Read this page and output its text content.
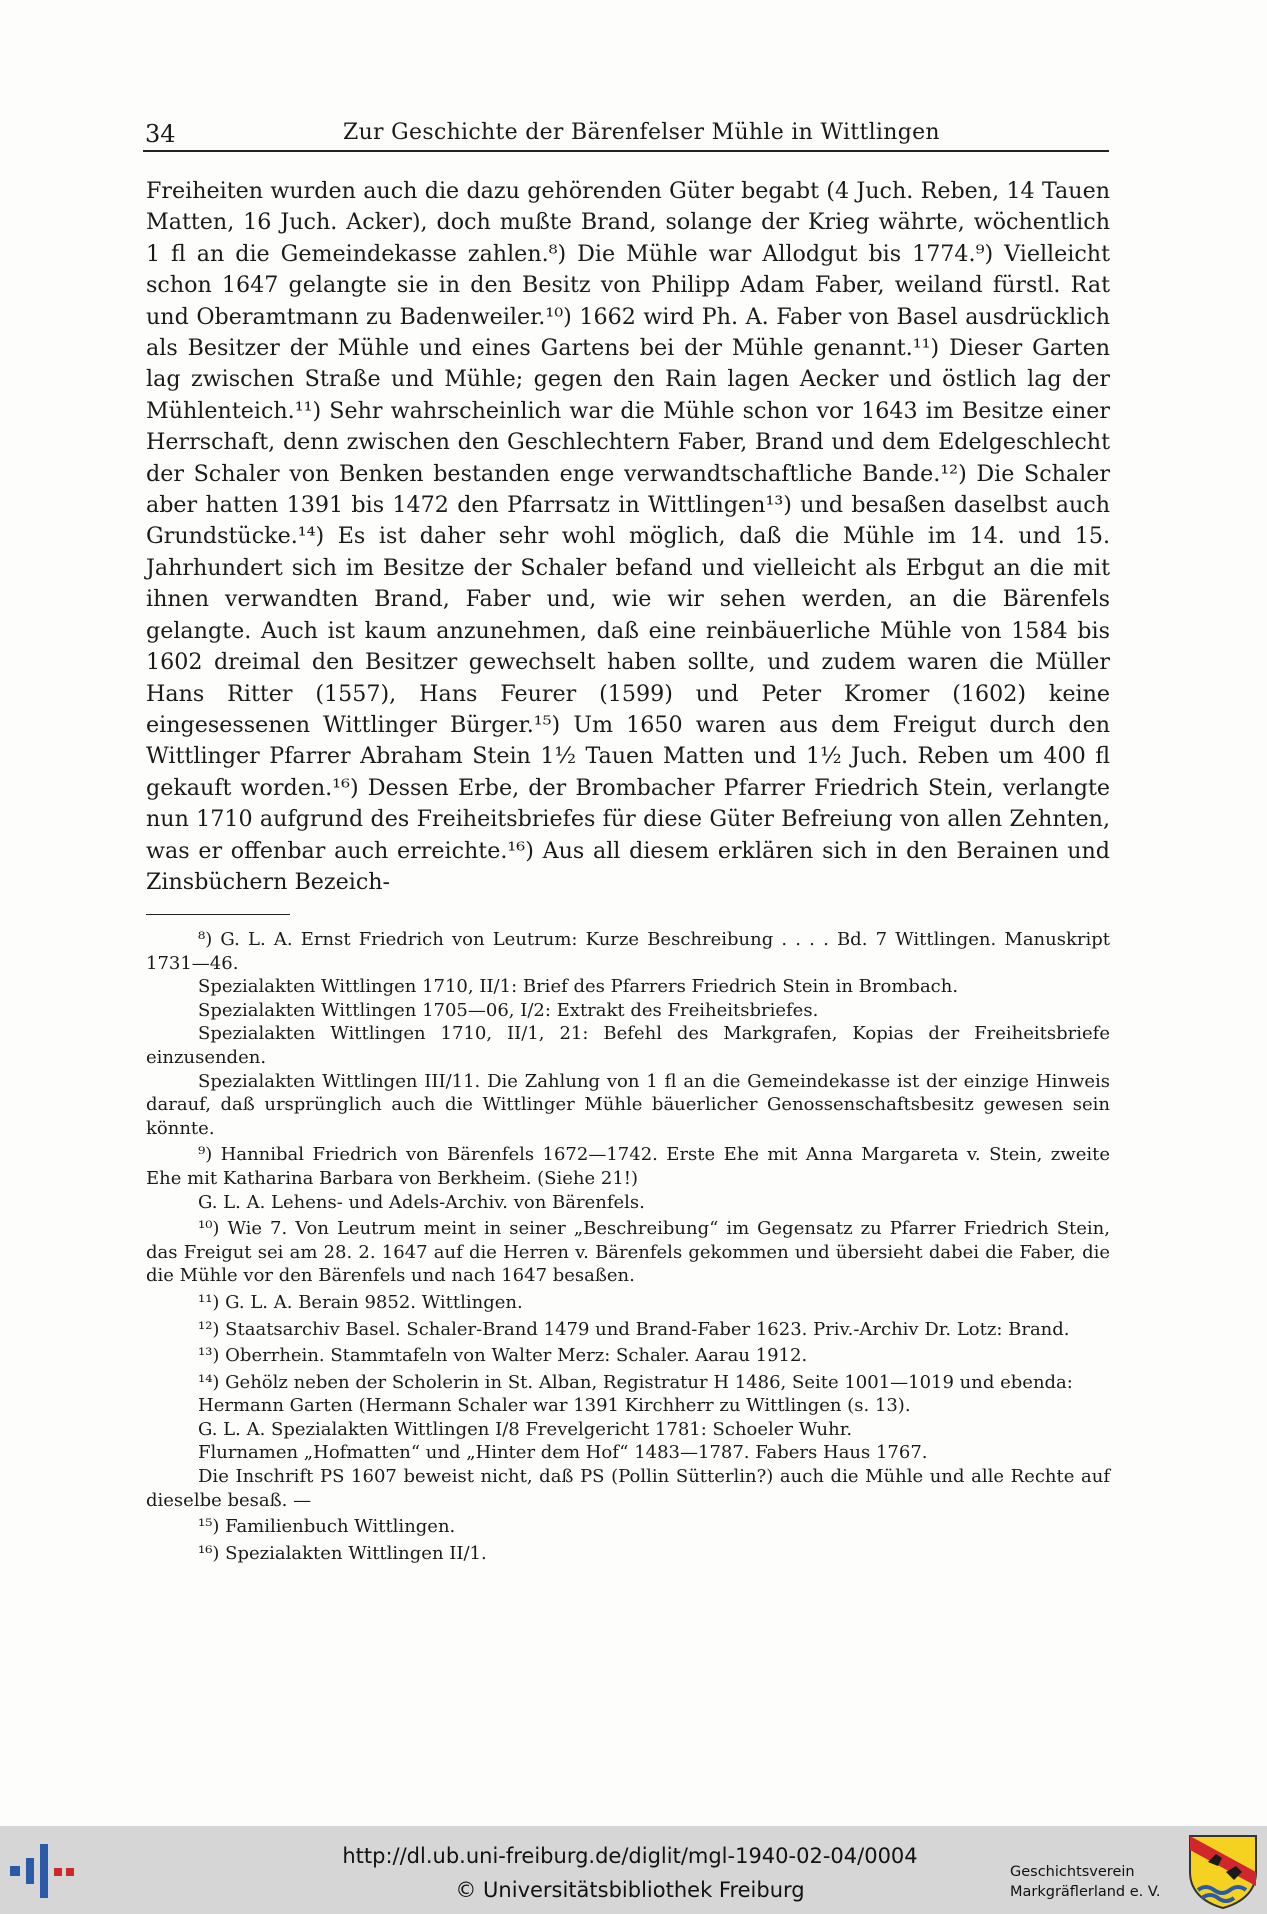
34	Zur Geschichte der Bärenfelser Mühle in Wittlingen

Freiheiten wurden auch die dazu gehörenden Güter begabt (4 Juch. Reben, 14 Tauen Matten, 16 Juch. Acker), doch mußte Brand, solange der Krieg währte, wöchentlich 1 fl an die Gemeindekasse zahlen.⁸) Die Mühle war Allodgut bis 1774.⁹) Vielleicht schon 1647 gelangte sie in den Besitz von Philipp Adam Faber, weiland fürstl. Rat und Oberamtmann zu Badenweiler.¹⁰) 1662 wird Ph. A. Faber von Basel ausdrücklich als Besitzer der Mühle und eines Gartens bei der Mühle genannt.¹¹) Dieser Garten lag zwischen Straße und Mühle; gegen den Rain lagen Aecker und östlich lag der Mühlenteich.¹¹) Sehr wahrscheinlich war die Mühle schon vor 1643 im Besitze einer Herrschaft, denn zwischen den Geschlechtern Faber, Brand und dem Edelgeschlecht der Schaler von Benken bestanden enge verwandtschaftliche Bande.¹²) Die Schaler aber hatten 1391 bis 1472 den Pfarrsatz in Wittlingen¹³) und besaßen daselbst auch Grundstücke.¹⁴) Es ist daher sehr wohl möglich, daß die Mühle im 14. und 15. Jahrhundert sich im Besitze der Schaler befand und vielleicht als Erbgut an die mit ihnen verwandten Brand, Faber und, wie wir sehen werden, an die Bärenfels gelangte. Auch ist kaum anzunehmen, daß eine reinbäuerliche Mühle von 1584 bis 1602 dreimal den Besitzer gewechselt haben sollte, und zudem waren die Müller Hans Ritter (1557), Hans Feurer (1599) und Peter Kromer (1602) keine eingesessenen Wittlinger Bürger.¹⁵) Um 1650 waren aus dem Freigut durch den Wittlinger Pfarrer Abraham Stein 1½ Tauen Matten und 1½ Juch. Reben um 400 fl gekauft worden.¹⁶) Dessen Erbe, der Brombacher Pfarrer Friedrich Stein, verlangte nun 1710 aufgrund des Freiheitsbriefes für diese Güter Befreiung von allen Zehnten, was er offenbar auch erreichte.¹⁶) Aus all diesem erklären sich in den Berainen und Zinsbüchern Bezeich-

⁸) G. L. A. Ernst Friedrich von Leutrum: Kurze Beschreibung . . . . Bd. 7 Wittlingen. Manuskript 1731—46.
Spezialakten Wittlingen 1710, II/1: Brief des Pfarrers Friedrich Stein in Brombach.
Spezialakten Wittlingen 1705—06, I/2: Extrakt des Freiheitsbriefes.
Spezialakten Wittlingen 1710, II/1, 21: Befehl des Markgrafen, Kopias der Freiheitsbriefe einzusenden.
Spezialakten Wittlingen III/11. Die Zahlung von 1 fl an die Gemeindekasse ist der einzige Hinweis darauf, daß ursprünglich auch die Wittlinger Mühle bäuerlicher Genossenschaftsbesitz gewesen sein könnte.

⁹) Hannibal Friedrich von Bärenfels 1672—1742. Erste Ehe mit Anna Margareta v. Stein, zweite Ehe mit Katharina Barbara von Berkheim. (Siehe 21!)
G. L. A. Lehens- und Adels-Archiv. von Bärenfels.

¹⁰) Wie 7. Von Leutrum meint in seiner „Beschreibung“ im Gegensatz zu Pfarrer Friedrich Stein, das Freigut sei am 28. 2. 1647 auf die Herren v. Bärenfels gekommen und übersieht dabei die Faber, die die Mühle vor den Bärenfels und nach 1647 besaßen.

¹¹) G. L. A. Berain 9852. Wittlingen.

¹²) Staatsarchiv Basel. Schaler-Brand 1479 und Brand-Faber 1623. Priv.-Archiv Dr. Lotz: Brand.

¹³) Oberrhein. Stammtafeln von Walter Merz: Schaler. Aarau 1912.

¹⁴) Gehölz neben der Scholerin in St. Alban, Registratur H 1486, Seite 1001—1019 und ebenda:
Hermann Garten (Hermann Schaler war 1391 Kirchherr zu Wittlingen (s. 13).
G. L. A. Spezialakten Wittlingen I/8 Frevelgericht 1781: Schoeler Wuhr.
Flurnamen „Hofmatten“ und „Hinter dem Hof“ 1483—1787. Fabers Haus 1767.
Die Inschrift PS 1607 beweist nicht, daß PS (Pollin Sütterlin?) auch die Mühle und alle Rechte auf dieselbe besaß. —

¹⁵) Familienbuch Wittlingen.

¹⁶) Spezialakten Wittlingen II/1.

http://dl.ub.uni-freiburg.de/diglit/mgl-1940-02-04/0004
© Universitätsbibliothek Freiburg
Geschichtsverein
Markgräflerland e. V.
